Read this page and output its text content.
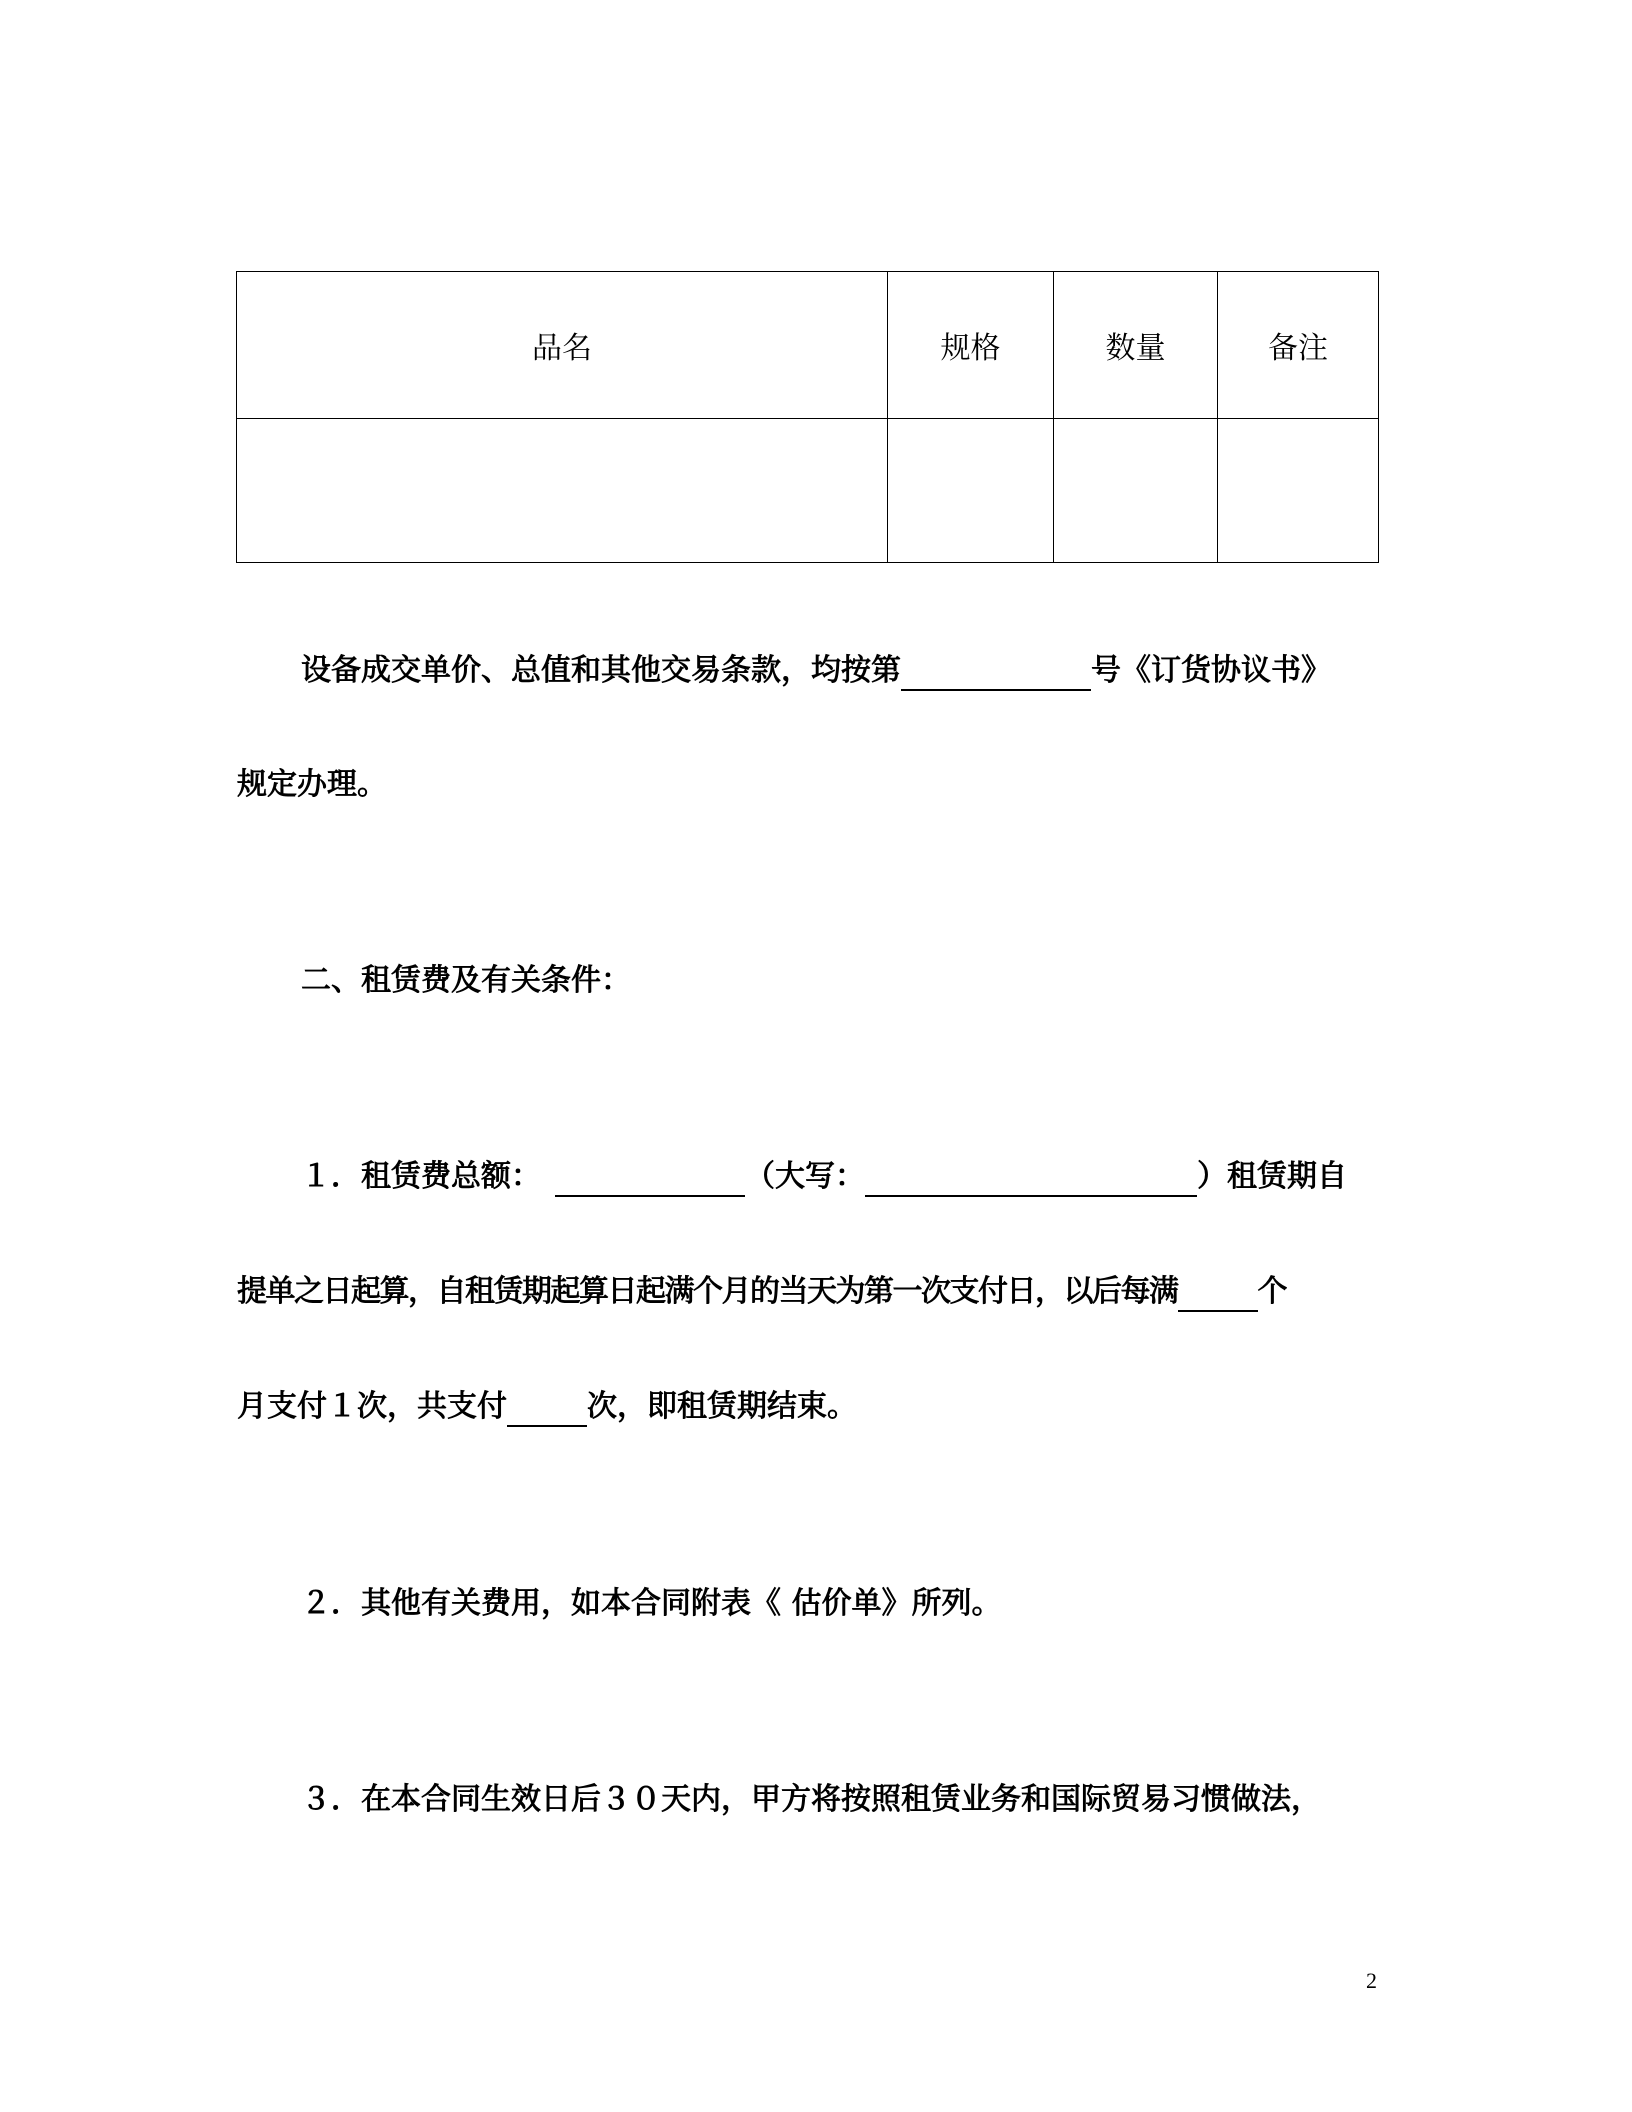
品名	规格	数量	备注

设备成交单价、总值和其他交易条款，均按第	号《订货协议书》
规定办理。
二、租赁费及有关条件：
１．租赁费总额：	（大写：	）租赁期自
提单之日起算，自租赁期起算日起满个月的当天为第一次支付日，以后每满	个
月支付１次，共支付	次，即租赁期结束。
２．其他有关费用，如本合同附表《 估价单》所列。
３．在本合同生效日后３０天内，甲方将按照租赁业务和国际贸易习惯做法，
2
